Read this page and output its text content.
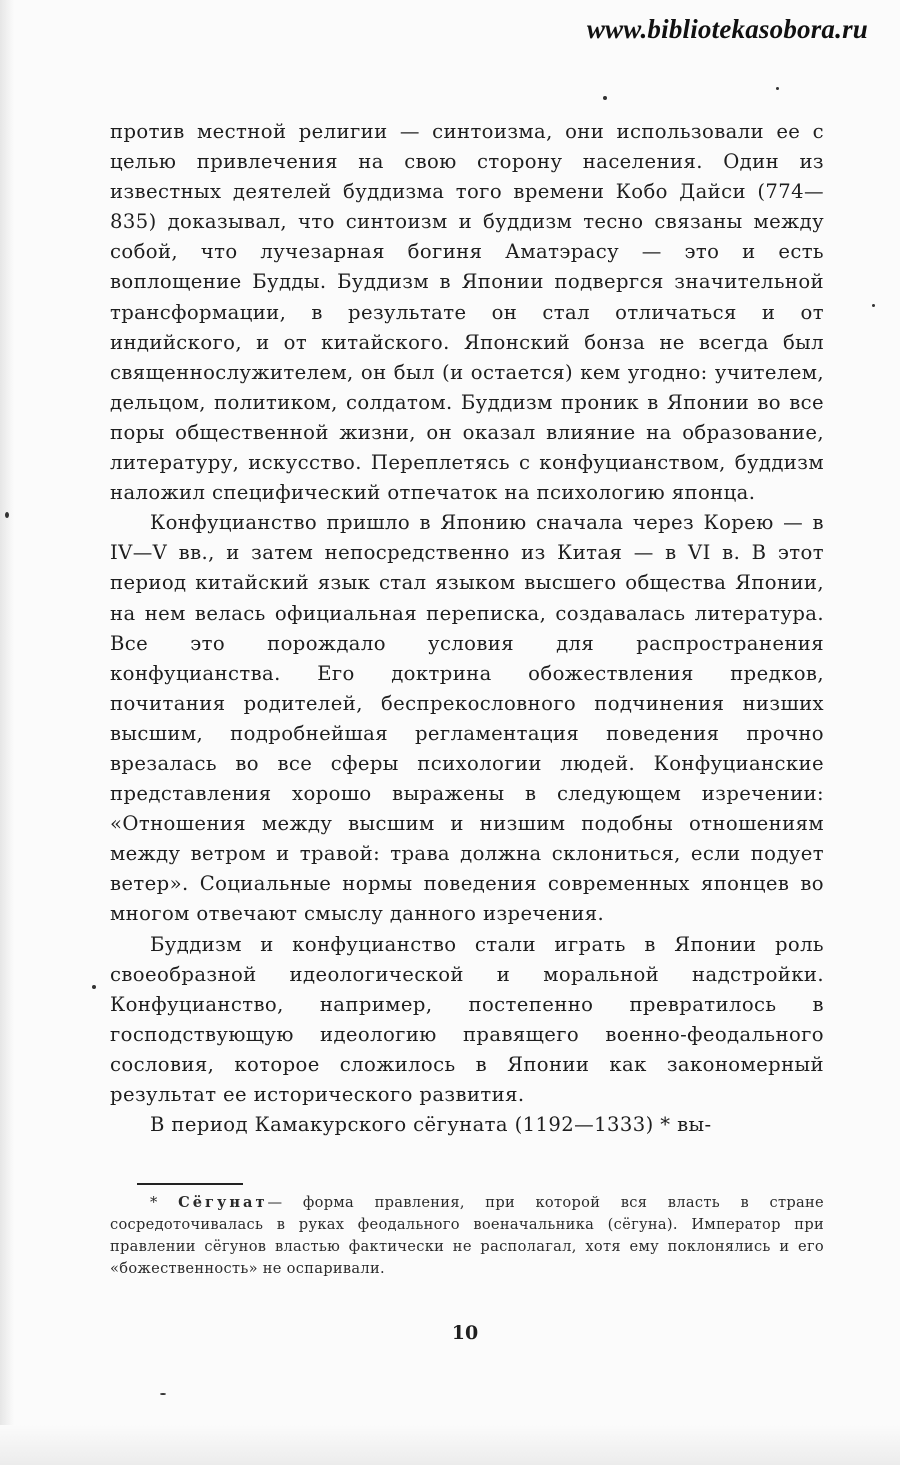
www.bibliotekasobora.ru

против местной религии — синтоизма, они использовали ее с целью привлечения на свою сторону населения. Один из известных деятелей буддизма того времени Кобо Дайси (774—835) доказывал, что синтоизм и буддизм тесно связаны между собой, что лучезарная богиня Аматэрасу — это и есть воплощение Будды. Буддизм в Японии подвергся значительной трансформации, в результате он стал отличаться и от индийского, и от китайского. Японский бонза не всегда был священнослужителем, он был (и остается) кем угодно: учителем, дельцом, политиком, солдатом. Буддизм проник в Японии во все поры общественной жизни, он оказал влияние на образование, литературу, искусство. Переплетясь с конфуцианством, буддизм наложил специфический отпечаток на психологию японца.

Конфуцианство пришло в Японию сначала через Корею — в IV—V вв., и затем непосредственно из Китая — в VI в. В этот период китайский язык стал языком высшего общества Японии, на нем велась официальная переписка, создавалась литература. Все это порождало условия для распространения конфуцианства. Его доктрина обожествления предков, почитания родителей, беспрекословного подчинения низших высшим, подробнейшая регламентация поведения прочно врезалась во все сферы психологии людей. Конфуцианские представления хорошо выражены в следующем изречении: «Отношения между высшим и низшим подобны отношениям между ветром и травой: трава должна склониться, если подует ветер». Социальные нормы поведения современных японцев во многом отвечают смыслу данного изречения.

Буддизм и конфуцианство стали играть в Японии роль своеобразной идеологической и моральной надстройки. Конфуцианство, например, постепенно превратилось в господствующую идеологию правящего военно-феодального сословия, которое сложилось в Японии как закономерный результат ее исторического развития.

В период Камакурского сёгуната (1192—1333) * вы-

* Сёгунат— форма правления, при которой вся власть в стране сосредоточивалась в руках феодального военачальника (сёгуна). Император при правлении сёгунов властью фактически не располагал, хотя ему поклонялись и его «божественность» не оспаривали.
10
